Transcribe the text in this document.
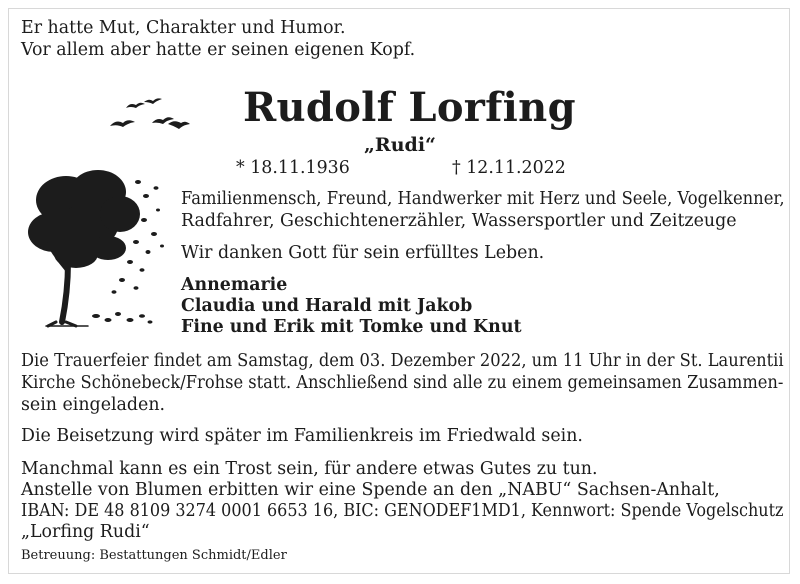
Er hatte Mut, Charakter und Humor.
Vor allem aber hatte er seinen eigenen Kopf.
Rudolf Lorfing
„Rudi“
* 18.11.1936	† 12.11.2022
Familienmensch, Freund, Handwerker mit Herz und Seele, Vogelkenner,
Radfahrer, Geschichtenerzähler, Wassersportler und Zeitzeuge
Wir danken Gott für sein erfülltes Leben.
Annemarie
Claudia und Harald mit Jakob
Fine und Erik mit Tomke und Knut
Die Trauerfeier findet am Samstag, dem 03. Dezember 2022, um 11 Uhr in der St. Laurentii
Kirche Schönebeck/Frohse statt. Anschließend sind alle zu einem gemeinsamen Zusammen-
sein eingeladen.
Die Beisetzung wird später im Familienkreis im Friedwald sein.
Manchmal kann es ein Trost sein, für andere etwas Gutes zu tun.
Anstelle von Blumen erbitten wir eine Spende an den „NABU“ Sachsen-Anhalt,
IBAN: DE 48 8109 3274 0001 6653 16, BIC: GENODEF1MD1, Kennwort: Spende Vogelschutz
„Lorfing Rudi“
Betreuung: Bestattungen Schmidt/Edler
